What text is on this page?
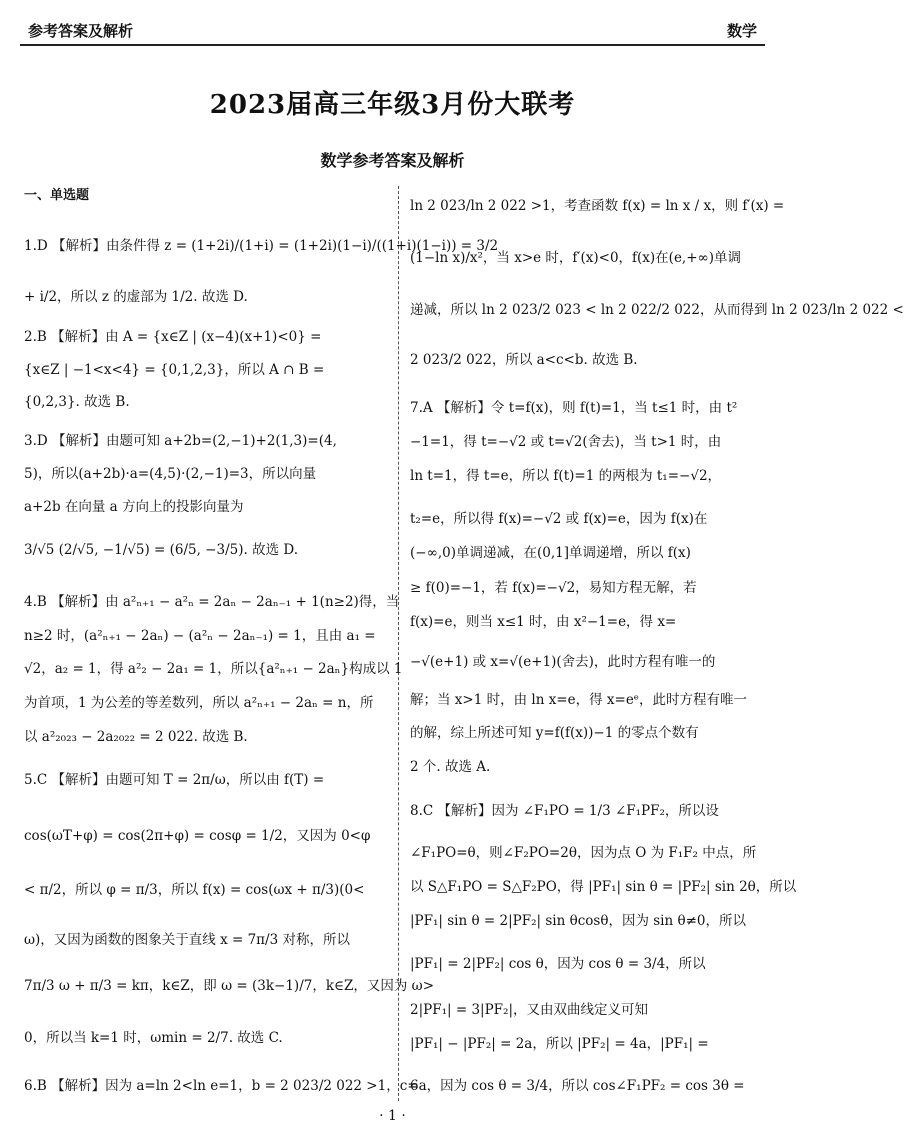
参考答案及解析	数学
2023届高三年级3月份大联考
数学参考答案及解析
一、单选题
1.D 【解析】由条件得 z = (1+2i)/(1+i) = (1+2i)(1−i)/((1+i)(1−i)) = 3/2
+ i/2，所以 z 的虚部为 1/2. 故选 D.
2.B 【解析】由 A = {x∈Z | (x−4)(x+1)<0} =
{x∈Z | −1<x<4} = {0,1,2,3}，所以 A ∩ B =
{0,2,3}. 故选 B.
3.D 【解析】由题可知 a+2b=(2,−1)+2(1,3)=(4,
5)，所以(a+2b)·a=(4,5)·(2,−1)=3，所以向量
a+2b 在向量 a 方向上的投影向量为
3/√5 (2/√5, −1/√5) = (6/5, −3/5). 故选 D.
4.B 【解析】由 a²ₙ₊₁ − a²ₙ = 2aₙ − 2aₙ₋₁ + 1(n≥2)得，当
n≥2 时，(a²ₙ₊₁ − 2aₙ) − (a²ₙ − 2aₙ₋₁) = 1，且由 a₁ =
√2，a₂ = 1，得 a²₂ − 2a₁ = 1，所以{a²ₙ₊₁ − 2aₙ}构成以 1
为首项，1 为公差的等差数列，所以 a²ₙ₊₁ − 2aₙ = n，所
以 a²₂₀₂₃ − 2a₂₀₂₂ = 2 022. 故选 B.
5.C 【解析】由题可知 T = 2π/ω，所以由 f(T) =
cos(ωT+φ) = cos(2π+φ) = cosφ = 1/2，又因为 0<φ
< π/2，所以 φ = π/3，所以 f(x) = cos(ωx + π/3)(0<
ω)，又因为函数的图象关于直线 x = 7π/3 对称，所以
7π/3 ω + π/3 = kπ，k∈Z，即 ω = (3k−1)/7，k∈Z，又因为 ω>
0，所以当 k=1 时，ωmin = 2/7. 故选 C.
6.B 【解析】因为 a=ln 2<ln e=1，b = 2 023/2 022 >1，c=
ln 2 023/ln 2 022 >1，考查函数 f(x) = ln x / x，则 f′(x) =
(1−ln x)/x²，当 x>e 时，f′(x)<0，f(x)在(e,+∞)单调
递减，所以 ln 2 023/2 023 < ln 2 022/2 022，从而得到 ln 2 023/ln 2 022 <
2 023/2 022，所以 a<c<b. 故选 B.
7.A 【解析】令 t=f(x)，则 f(t)=1，当 t≤1 时，由 t²
−1=1，得 t=−√2 或 t=√2(舍去)，当 t>1 时，由
ln t=1，得 t=e，所以 f(t)=1 的两根为 t₁=−√2，
t₂=e，所以得 f(x)=−√2 或 f(x)=e，因为 f(x)在
(−∞,0)单调递减，在(0,1]单调递增，所以 f(x)
≥ f(0)=−1，若 f(x)=−√2，易知方程无解，若
f(x)=e，则当 x≤1 时，由 x²−1=e，得 x=
−√(e+1) 或 x=√(e+1)(舍去)，此时方程有唯一的
解；当 x>1 时，由 ln x=e，得 x=eᵉ，此时方程有唯一
的解，综上所述可知 y=f(f(x))−1 的零点个数有
2 个. 故选 A.
8.C 【解析】因为 ∠F₁PO = 1/3 ∠F₁PF₂，所以设
∠F₁PO=θ，则∠F₂PO=2θ，因为点 O 为 F₁F₂ 中点，所
以 S△F₁PO = S△F₂PO，得 |PF₁| sin θ = |PF₂| sin 2θ，所以
|PF₁| sin θ = 2|PF₂| sin θcosθ，因为 sin θ≠0，所以
|PF₁| = 2|PF₂| cos θ，因为 cos θ = 3/4，所以
2|PF₁| = 3|PF₂|，又由双曲线定义可知
|PF₁| − |PF₂| = 2a，所以 |PF₂| = 4a，|PF₁| =
6a，因为 cos θ = 3/4，所以 cos∠F₁PF₂ = cos 3θ =
· 1 ·
